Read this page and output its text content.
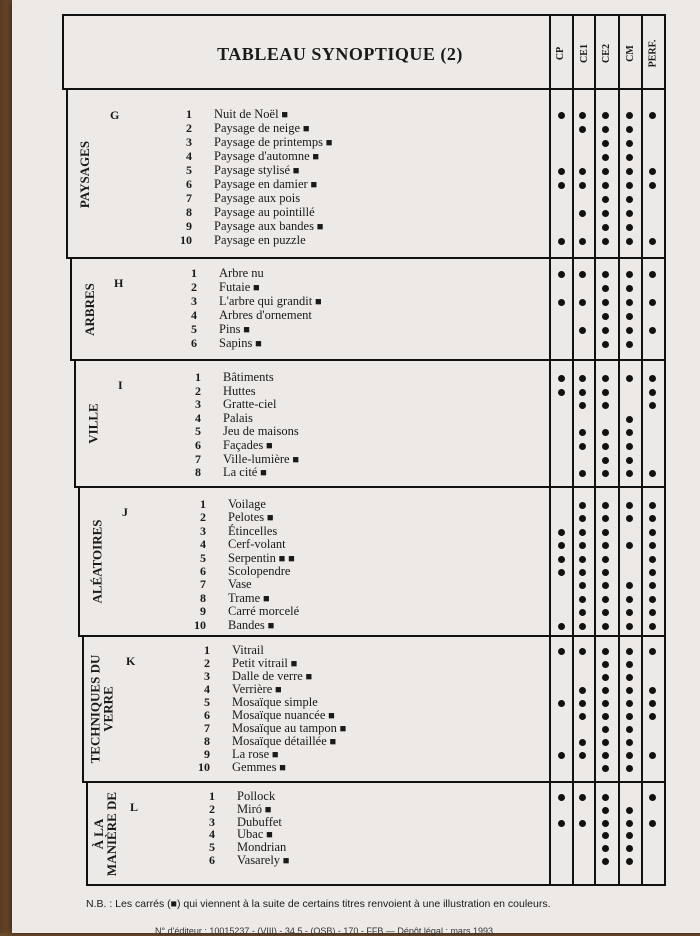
CP CE1 CE2 CM PERF.
PAYSAGES
G	1 Nuit de Noël ■
2 Paysage de neige ■
3 Paysage de printemps ■
4 Paysage d'automne ■
5 Paysage stylisé ■
6 Paysage en damier ■
7 Paysage aux pois
8 Paysage au pointillé
9 Paysage aux bandes ■
10 Paysage en puzzle
ARBRES H
1 Arbre nu
2 Futaie ■
3 L'arbre qui grandit ■
4 Arbres d'ornement
5 Pins ■
6 Sapins ■
VILLE
I
1 Bâtiments
2 Huttes
3 Gratte-ciel
4 Palais
5 Jeu de maisons
6 Façades ■
7 Ville-lumière ■
8 La cité ■
ALÉATOIRES
J
1 Voilage
2 Pelotes ■
3 Étincelles
4 Cerf-volant
5 Serpentin ■ ■
6 Scolopendre
7 Vase
8 Trame ■
9 Carré morcelé
10 Bandes ■
TECHNIQUES DU
VERRE
K
1 Vitrail
2 Petit vitrail ■
3 Dalle de verre ■
4 Verrière ■
5 Mosaïque simple
6 Mosaïque nuancée ■
7 Mosaïque au tampon ■
8 Mosaïque détaillée ■
9 La rose ■
10 Gemmes ■
À LA
MANIÈRE DE L
1 Pollock
2 Miró ■
3 Dubuffet
4 Ubac ■
5 Mondrian
6 Vasarely ■
TABLEAU SYNOPTIQUE (2)
N.B. : Les carrés (■) qui viennent à la suite de certains titres renvoient à une illustration en couleurs.
N° d'éditeur : 10015237 - (VIII) - 34,5 - (OSB) - 170 - FFB — Dépôt légal : mars 1993
